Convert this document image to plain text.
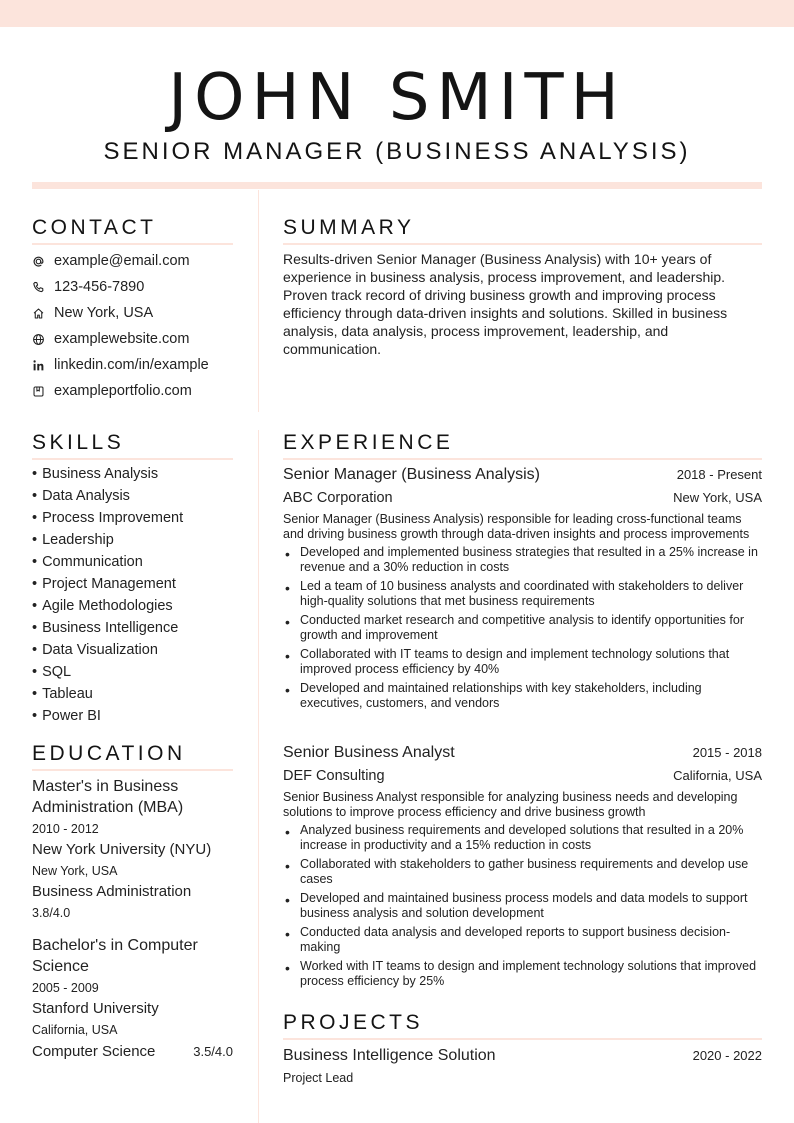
JOHN SMITH
SENIOR MANAGER (BUSINESS ANALYSIS)
CONTACT
example@email.com
123-456-7890
New York, USA
examplewebsite.com
linkedin.com/in/example
exampleportfolio.com
SUMMARY

Results-driven Senior Manager (Business Analysis) with 10+ years of experience in business analysis, process improvement, and leadership. Proven track record of driving business growth and improving process efficiency through data-driven insights and solutions. Skilled in business analysis, data analysis, process improvement, leadership, and communication.

SKILLS
• Business Analysis
• Data Analysis
• Process Improvement
• Leadership
• Communication
• Project Management
• Agile Methodologies
• Business Intelligence
• Data Visualization
• SQL
• Tableau
• Power BI
EDUCATION
Master's in Business Administration (MBA)
2010 - 2012
New York University (NYU)
New York, USA
Business Administration
3.8/4.0
Bachelor's in Computer Science
2005 - 2009
Stanford University
California, USA
Computer Science	3.5/4.0
EXPERIENCE
Senior Manager (Business Analysis)	2018 - Present
ABC Corporation	New York, USA

Senior Manager (Business Analysis) responsible for leading cross-functional teams and driving business growth through data-driven insights and process improvements

• Developed and implemented business strategies that resulted in a 25% increase in revenue and a 30% reduction in costs
• Led a team of 10 business analysts and coordinated with stakeholders to deliver high-quality solutions that met business requirements
• Conducted market research and competitive analysis to identify opportunities for growth and improvement
• Collaborated with IT teams to design and implement technology solutions that improved process efficiency by 40%
• Developed and maintained relationships with key stakeholders, including executives, customers, and vendors
Senior Business Analyst	2015 - 2018
DEF Consulting	California, USA

Senior Business Analyst responsible for analyzing business needs and developing solutions to improve process efficiency and drive business growth

• Analyzed business requirements and developed solutions that resulted in a 20% increase in productivity and a 15% reduction in costs
• Collaborated with stakeholders to gather business requirements and develop use cases
• Developed and maintained business process models and data models to support business analysis and solution development
• Conducted data analysis and developed reports to support business decision-making
• Worked with IT teams to design and implement technology solutions that improved process efficiency by 25%
PROJECTS
Business Intelligence Solution	2020 - 2022
Project Lead
